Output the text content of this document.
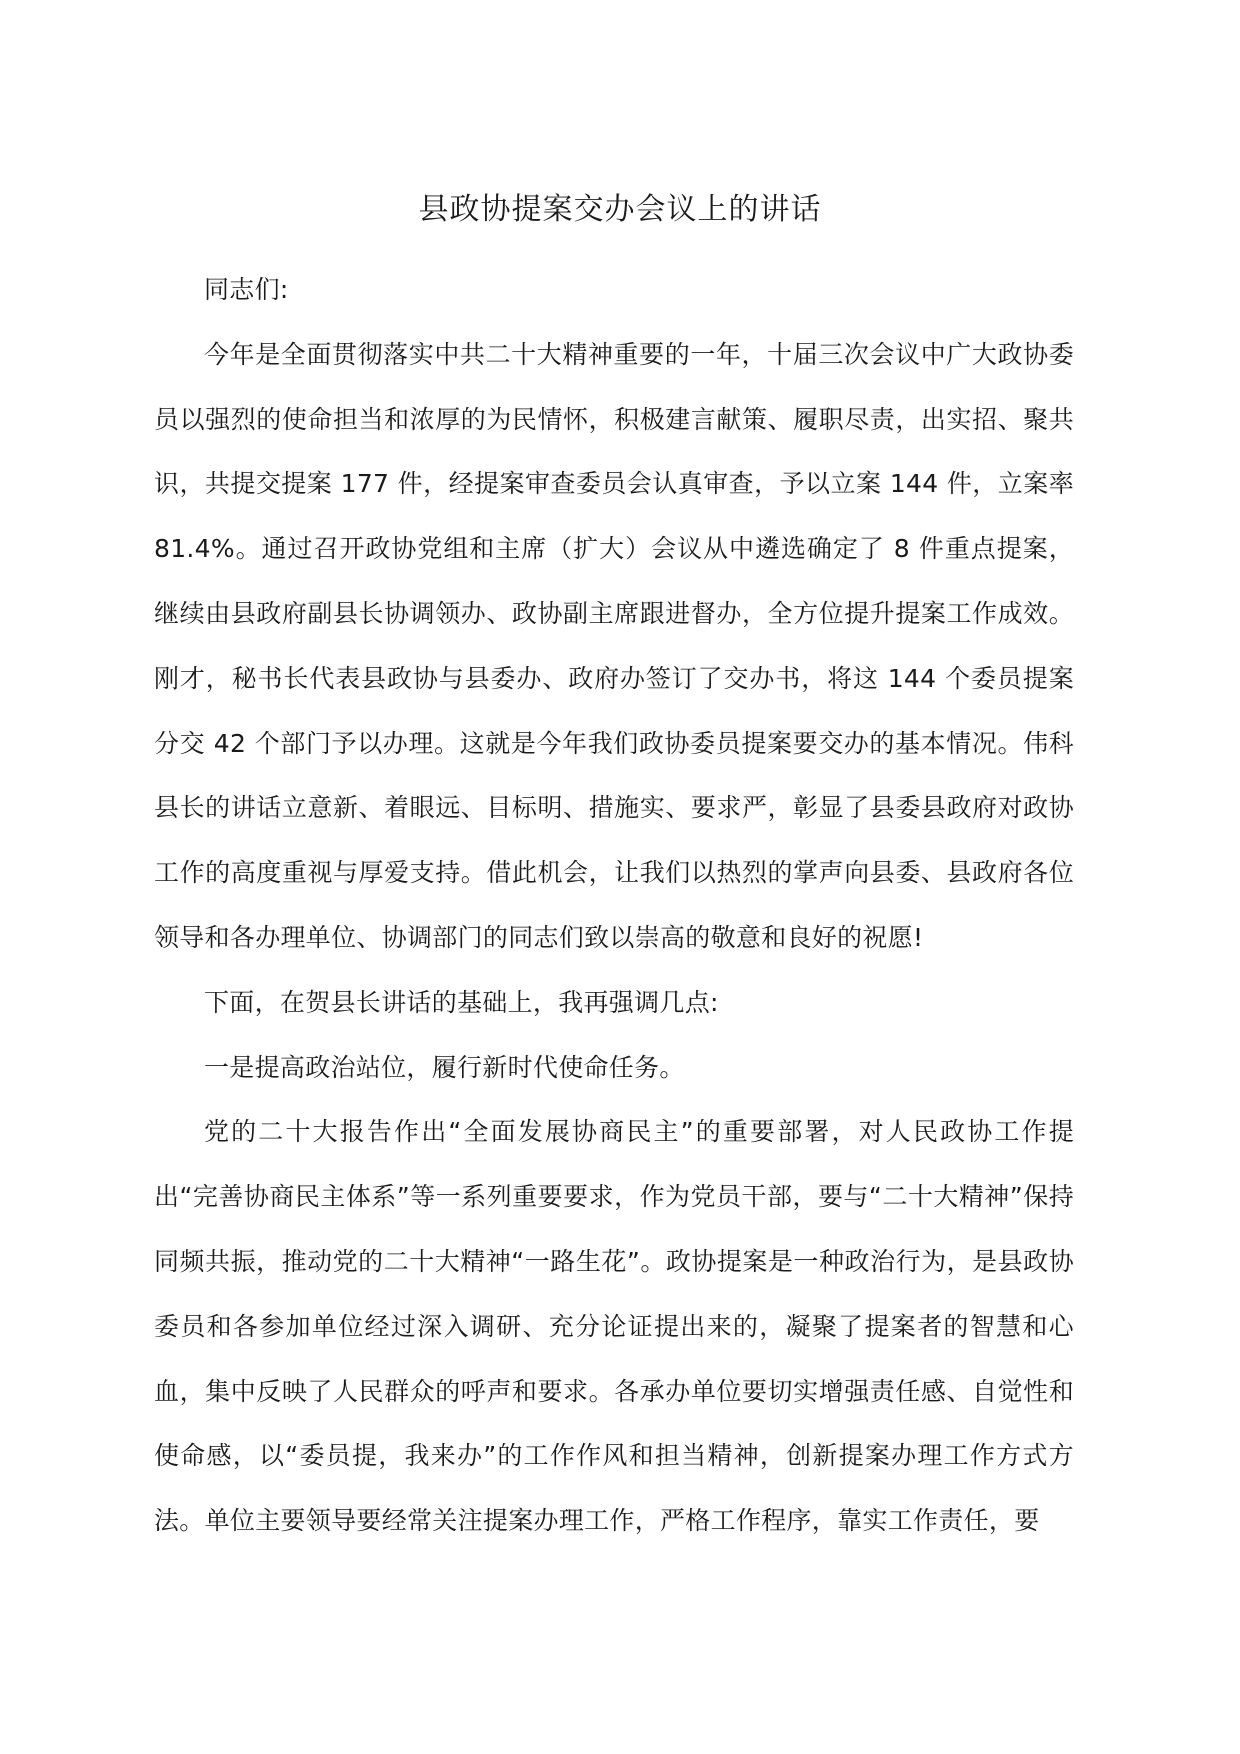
县政协提案交办会议上的讲话

同志们:

今年是全面贯彻落实中共二十大精神重要的一年，十届三次会议中广大政协委员以强烈的使命担当和浓厚的为民情怀，积极建言献策、履职尽责，出实招、聚共识，共提交提案 177 件，经提案审查委员会认真审查，予以立案 144 件，立案率 81.4%。通过召开政协党组和主席（扩大）会议从中遴选确定了 8 件重点提案，继续由县政府副县长协调领办、政协副主席跟进督办，全方位提升提案工作成效。刚才，秘书长代表县政协与县委办、政府办签订了交办书，将这 144 个委员提案分交 42 个部门予以办理。这就是今年我们政协委员提案要交办的基本情况。伟科县长的讲话立意新、着眼远、目标明、措施实、要求严，彰显了县委县政府对政协工作的高度重视与厚爱支持。借此机会，让我们以热烈的掌声向县委、县政府各位领导和各办理单位、协调部门的同志们致以崇高的敬意和良好的祝愿!

下面，在贺县长讲话的基础上，我再强调几点:

一是提高政治站位，履行新时代使命任务。

党的二十大报告作出“全面发展协商民主”的重要部署，对人民政协工作提出“完善协商民主体系”等一系列重要要求，作为党员干部，要与“二十大精神”保持同频共振，推动党的二十大精神“一路生花”。政协提案是一种政治行为，是县政协委员和各参加单位经过深入调研、充分论证提出来的，凝聚了提案者的智慧和心血，集中反映了人民群众的呼声和要求。各承办单位要切实增强责任感、自觉性和使命感，以“委员提，我来办”的工作作风和担当精神，创新提案办理工作方式方法。单位主要领导要经常关注提案办理工作，严格工作程序，靠实工作责任，要
